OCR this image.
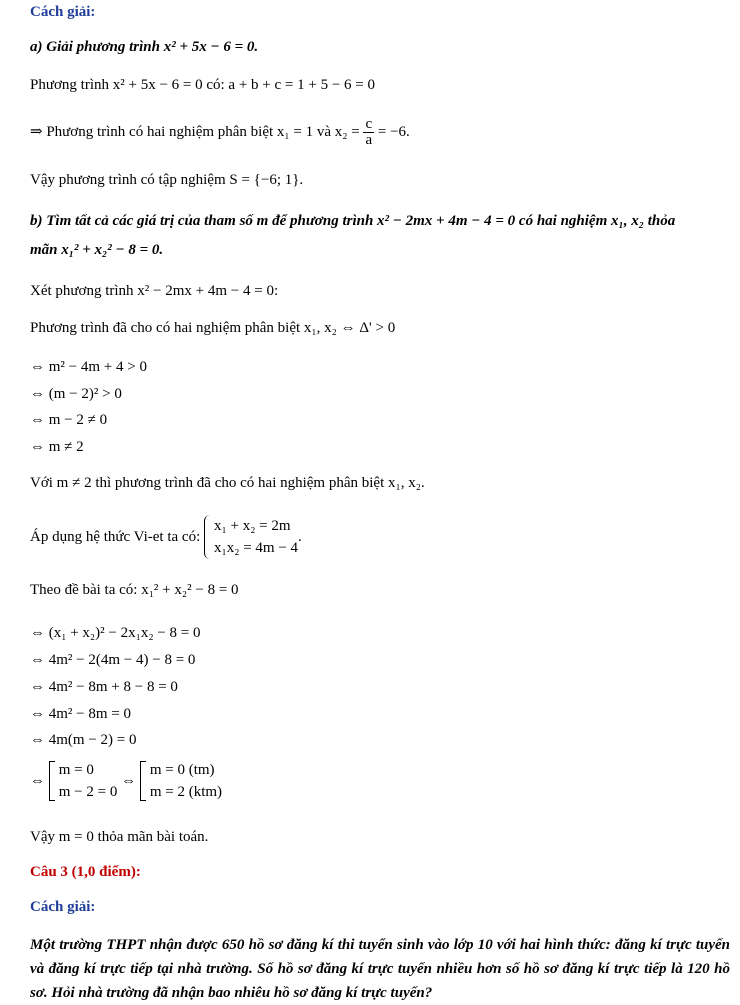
Cách giải:
a) Giải phương trình x² + 5x − 6 = 0.
Phương trình x² + 5x − 6 = 0 có: a + b + c = 1 + 5 − 6 = 0
⇒ Phương trình có hai nghiệm phân biệt x₁ = 1 và $x_2 = \frac{c}{a} = -6$.
Vậy phương trình có tập nghiệm S = {−6; 1}.
b) Tìm tất cả các giá trị của tham số m để phương trình x² − 2mx + 4m − 4 = 0 có hai nghiệm x₁, x₂ thỏa
mãn x₁² + x₂² − 8 = 0.
Xét phương trình x² − 2mx + 4m − 4 = 0:
Phương trình đã cho có hai nghiệm phân biệt x₁, x₂ ⇔ Δ' > 0
⇔ m² − 4m + 4 > 0
⇔ (m − 2)² > 0
⇔ m − 2 ≠ 0
⇔ m ≠ 2
Với m ≠ 2 thì phương trình đã cho có hai nghiệm phân biệt x₁, x₂.
Áp dụng hệ thức Vi-et ta có:
x₁ + x₂ = 2m
x₁x₂ = 4m − 4
.
Theo đề bài ta có: x₁² + x₂² − 8 = 0
⇔ (x₁ + x₂)² − 2x₁x₂ − 8 = 0
⇔ 4m² − 2(4m − 4) − 8 = 0
⇔ 4m² − 8m + 8 − 8 = 0
⇔ 4m² − 8m = 0
⇔ 4m(m − 2) = 0
⇔
m = 0
m − 2 = 0
⇔
m = 0 (tm)
m = 2 (ktm)
Vậy m = 0 thỏa mãn bài toán.
Câu 3 (1,0 điểm):
Cách giải:
Một trường THPT nhận được 650 hồ sơ đăng kí thi tuyển sinh vào lớp 10 với hai hình thức: đăng kí trực tuyến và đăng kí trực tiếp tại nhà trường. Số hồ sơ đăng kí trực tuyến nhiều hơn số hồ sơ đăng kí trực tiếp là 120 hồ sơ. Hỏi nhà trường đã nhận bao nhiêu hồ sơ đăng kí trực tuyến?
